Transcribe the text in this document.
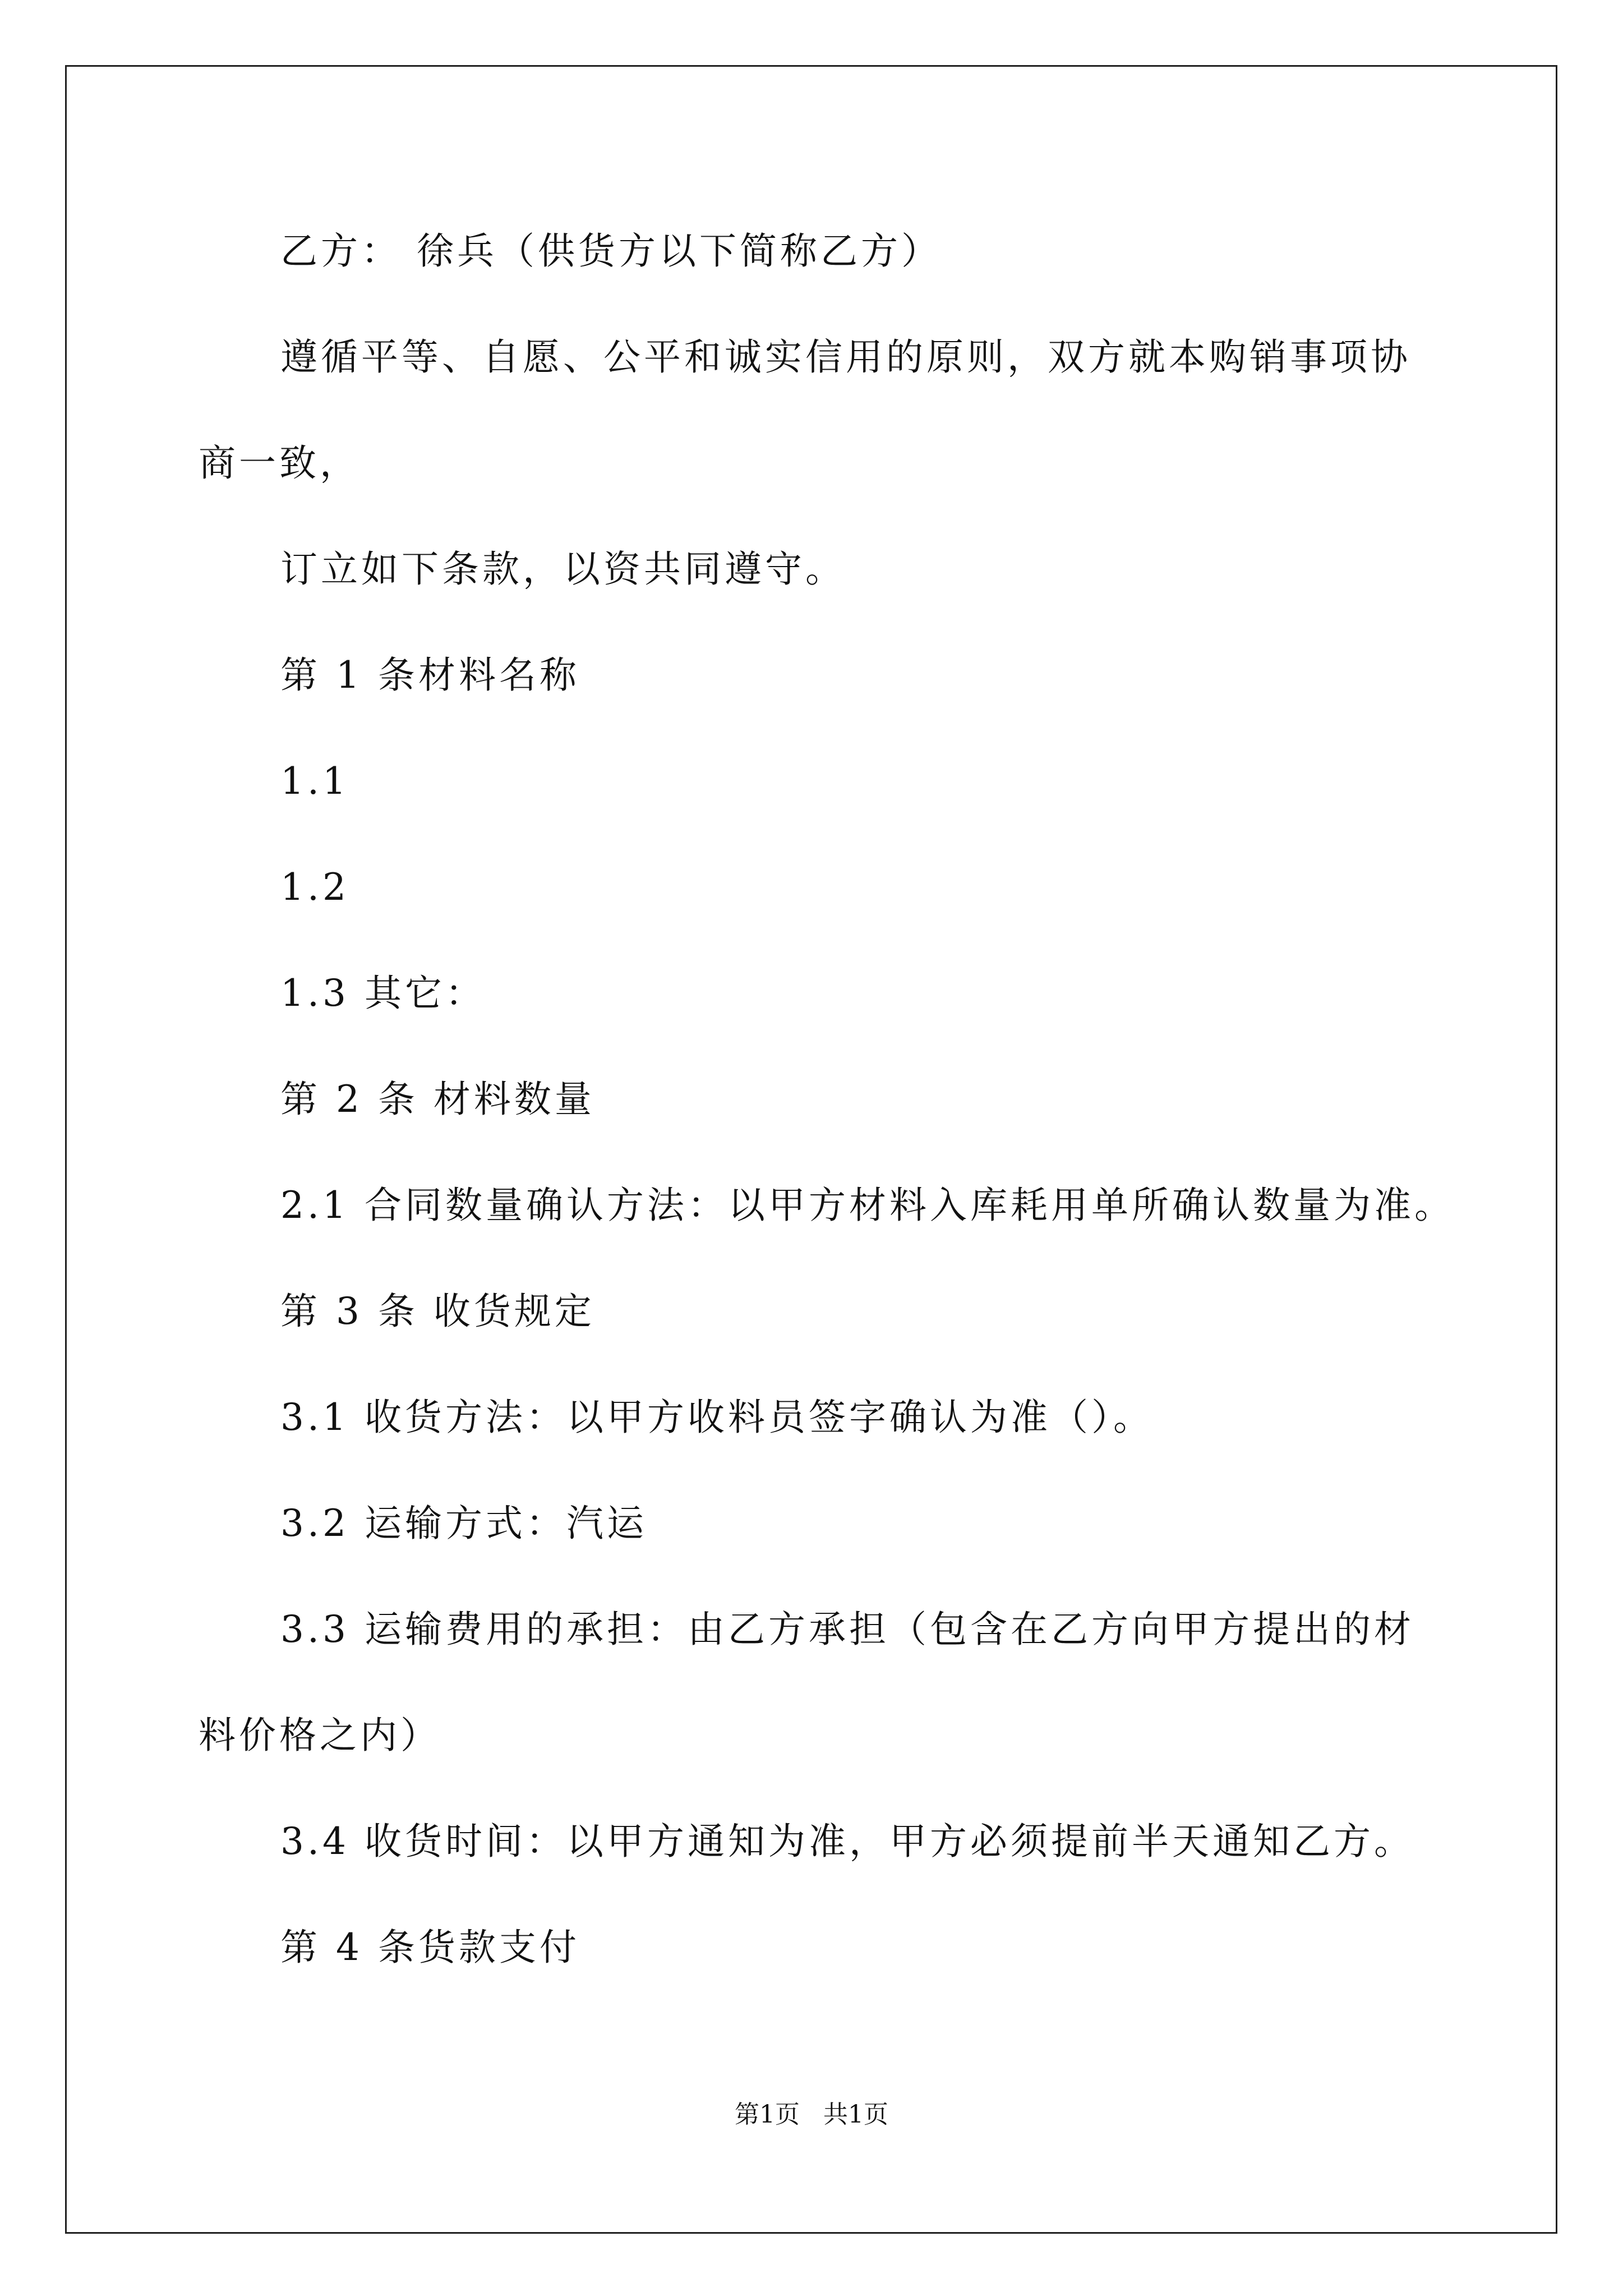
乙方： 徐兵（供货方以下简称乙方）
遵循平等、自愿、公平和诚实信用的原则，双方就本购销事项协
商一致，
订立如下条款，以资共同遵守。
第 1 条材料名称
1.1
1.2
1.3 其它：
第 2 条 材料数量
2.1 合同数量确认方法：以甲方材料入库耗用单所确认数量为准。
第 3 条 收货规定
3.1 收货方法：以甲方收料员签字确认为准（）。
3.2 运输方式：汽运
3.3 运输费用的承担：由乙方承担（包含在乙方向甲方提出的材
料价格之内）
3.4 收货时间：以甲方通知为准，甲方必须提前半天通知乙方。
第 4 条货款支付
第1页   共1页
